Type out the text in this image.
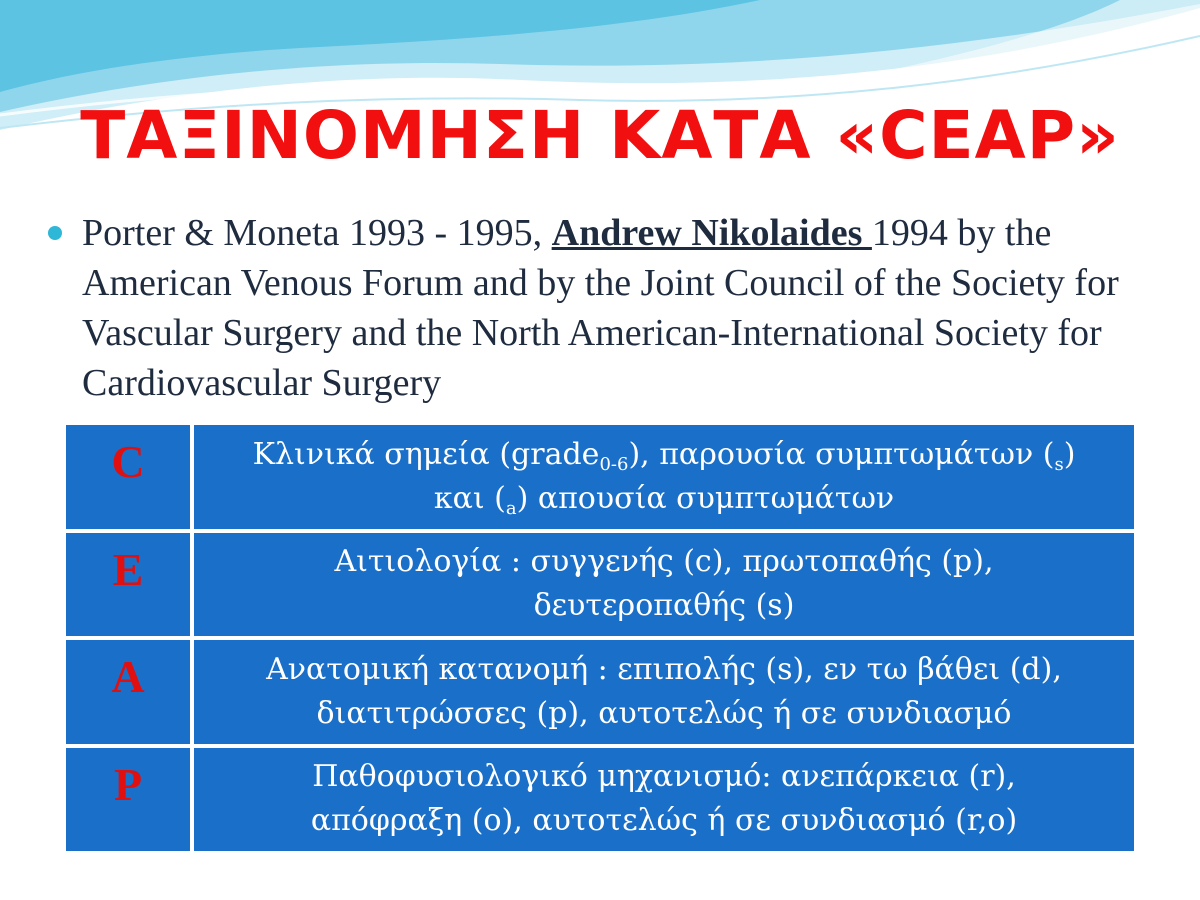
ΤΑΞΙΝΟΜΗΣΗ ΚΑΤΑ «CEAP»
Porter & Moneta 1993 - 1995, Andrew Nikolaides 1994 by the American Venous Forum and by the Joint Council of the Society for Vascular Surgery and the North American-International Society for Cardiovascular Surgery
C	Κλινικά σημεία (grade$_{0-6}$), παρουσία συμπτωμάτων $(_s)$
και $(_a)$ απουσία συμπτωμάτων

E	Αιτιολογία : συγγενής (c), πρωτοπαθής (p),
δευτεροπαθής (s)

A	Ανατομική κατανομή : επιπολής (s), εν τω βάθει (d),
διατιτρώσσες (p), αυτοτελώς ή σε συνδιασμό

P	Παθοφυσιολογικό μηχανισμό: ανεπάρκεια (r),
απόφραξη (o), αυτοτελώς ή σε συνδιασμό (r,o)
